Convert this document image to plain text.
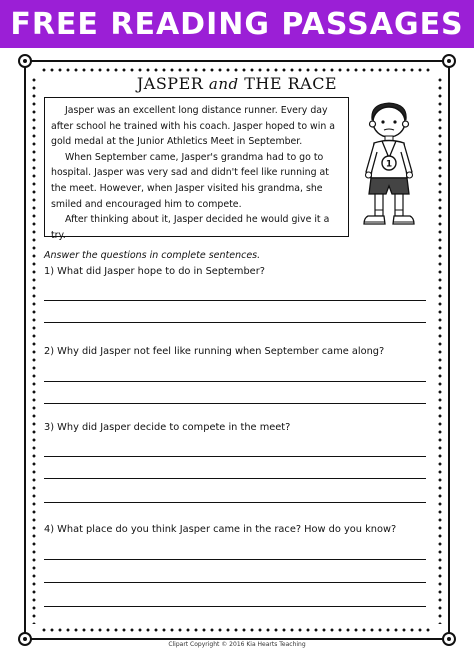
FREE READING PASSAGES
JASPER and THE RACE

Jasper was an excellent long distance runner. Every day after school he trained with his coach. Jasper hoped to win a gold medal at the Junior Athletics Meet in September.

When September came, Jasper's grandma had to go to hospital. Jasper was very sad and didn't feel like running at the meet. However, when Jasper visited his grandma, she smiled and encouraged him to compete.

After thinking about it, Jasper decided he would give it a try.

1
Answer the questions in complete sentences.
1) What did Jasper hope to do in September?
2) Why did Jasper not feel like running when September came along?
3) Why did Jasper decide to compete in the meet?
4) What place do you think Jasper came in the race? How do you know?
Clipart Copyright © 2016 Kia Hearts Teaching
